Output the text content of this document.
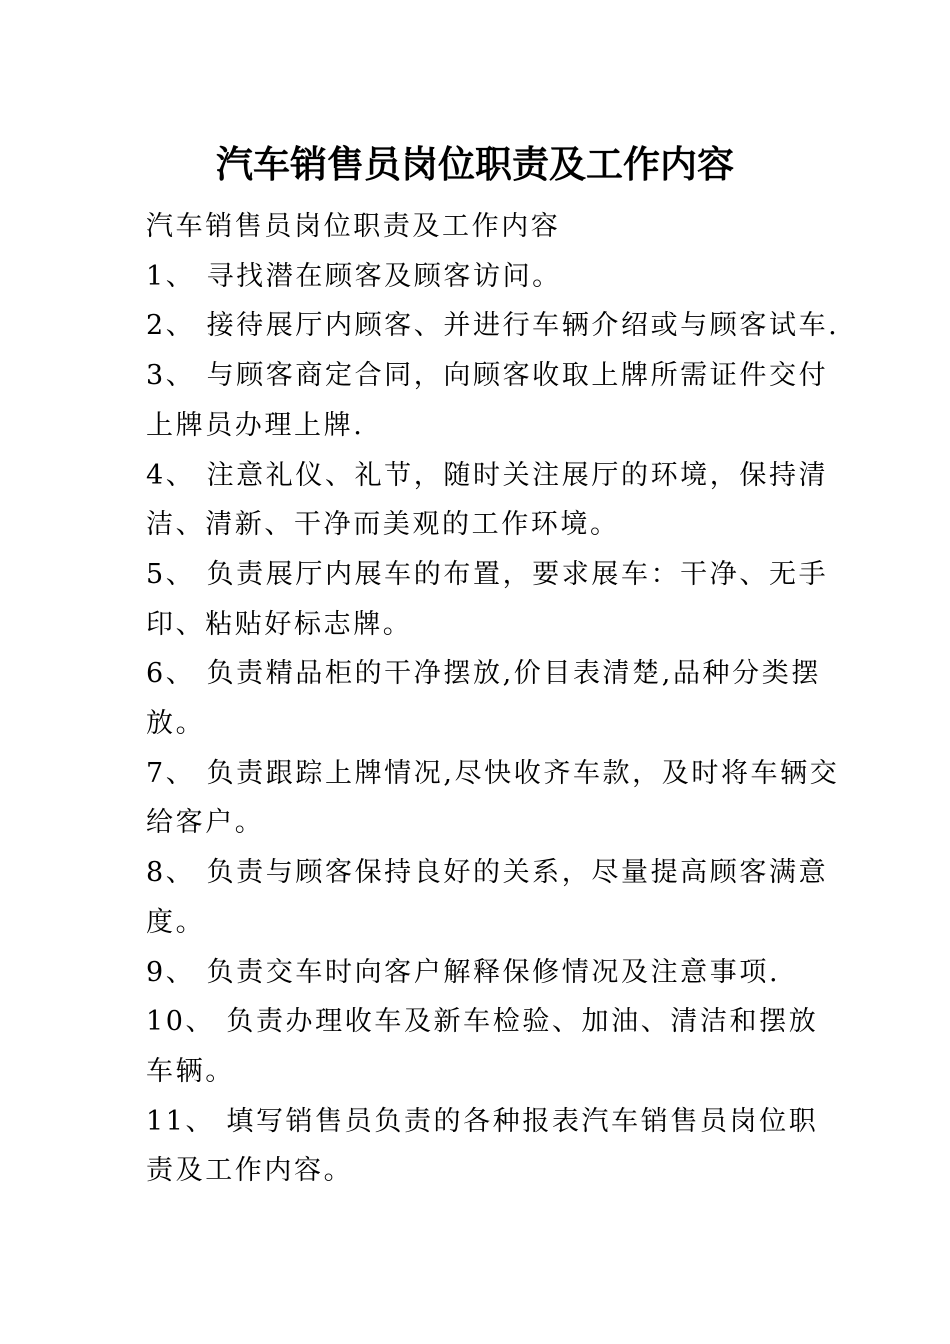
汽车销售员岗位职责及工作内容

汽车销售员岗位职责及工作内容

1、 寻找潜在顾客及顾客访问。

2、 接待展厅内顾客、并进行车辆介绍或与顾客试车.

3、 与顾客商定合同，向顾客收取上牌所需证件交付
上牌员办理上牌.

4、 注意礼仪、礼节，随时关注展厅的环境，保持清
洁、清新、干净而美观的工作环境。

5、 负责展厅内展车的布置，要求展车：干净、无手
印、粘贴好标志牌。

6、 负责精品柜的干净摆放,价目表清楚,品种分类摆
放。

7、 负责跟踪上牌情况,尽快收齐车款，及时将车辆交
给客户。

8、 负责与顾客保持良好的关系，尽量提高顾客满意
度。

9、 负责交车时向客户解释保修情况及注意事项.

10、 负责办理收车及新车检验、加油、清洁和摆放
车辆。

11、 填写销售员负责的各种报表汽车销售员岗位职
责及工作内容。
